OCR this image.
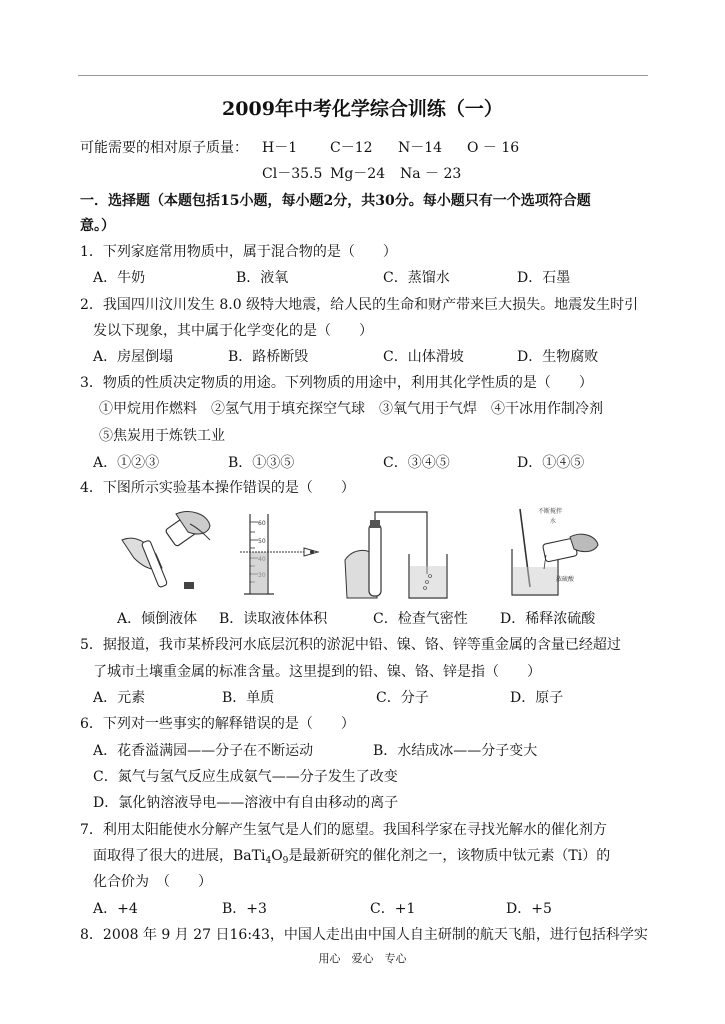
2009年中考化学综合训练（一）
可能需要的相对原子质量： H－1 C－12 N－14 O － 16
Cl－35.5 Mg－24 Na － 23
一．选择题（本题包括15小题，每小题2分，共30分。每小题只有一个选项符合题
意。）
1．下列家庭常用物质中，属于混合物的是（　　）
A．牛奶	B．液氧	C．蒸馏水	D．石墨
2．我国四川汶川发生 8.0 级特大地震，给人民的生命和财产带来巨大损失。地震发生时引
发以下现象，其中属于化学变化的是（　　）
A．房屋倒塌	B．路桥断毁	C．山体滑坡	D．生物腐败
3．物质的性质决定物质的用途。下列物质的用途中，利用其化学性质的是（　　）
①甲烷用作燃料　②氢气用于填充探空气球　③氧气用于气焊　④干冰用作制冷剂
⑤焦炭用于炼铁工业
A．①②③	B．①③⑤	C．③④⑤	D．①④⑤
4．下图所示实验基本操作错误的是（　　）
60
50
不断搅拌
水
浓硫酸
A．倾倒液体 B．读取液体体积	C．检查气密性 D．稀释浓硫酸
5．据报道，我市某桥段河水底层沉积的淤泥中铅、镍、铬、锌等重金属的含量已经超过
了城市土壤重金属的标准含量。这里提到的铅、镍、铬、锌是指（　　）
A．元素	B．单质	C．分子	D．原子
6．下列对一些事实的解释错误的是（　　）
A．花香溢满园——分子在不断运动	B．水结成冰——分子变大
C．氮气与氢气反应生成氨气——分子发生了改变
D．氯化钠溶液导电——溶液中有自由移动的离子
7．利用太阳能使水分解产生氢气是人们的愿望。我国科学家在寻找光解水的催化剂方
面取得了很大的进展，$BaTi_4O_9$是最新研究的催化剂之一，该物质中钛元素（Ti）的
化合价为　（　　）
A．+4	B．+3	C．+1	D．+5
8．2008 年 9 月 27 日16:43，中国人走出由中国人自主研制的航天飞船，进行包括科学实
用心　爱心　专心
